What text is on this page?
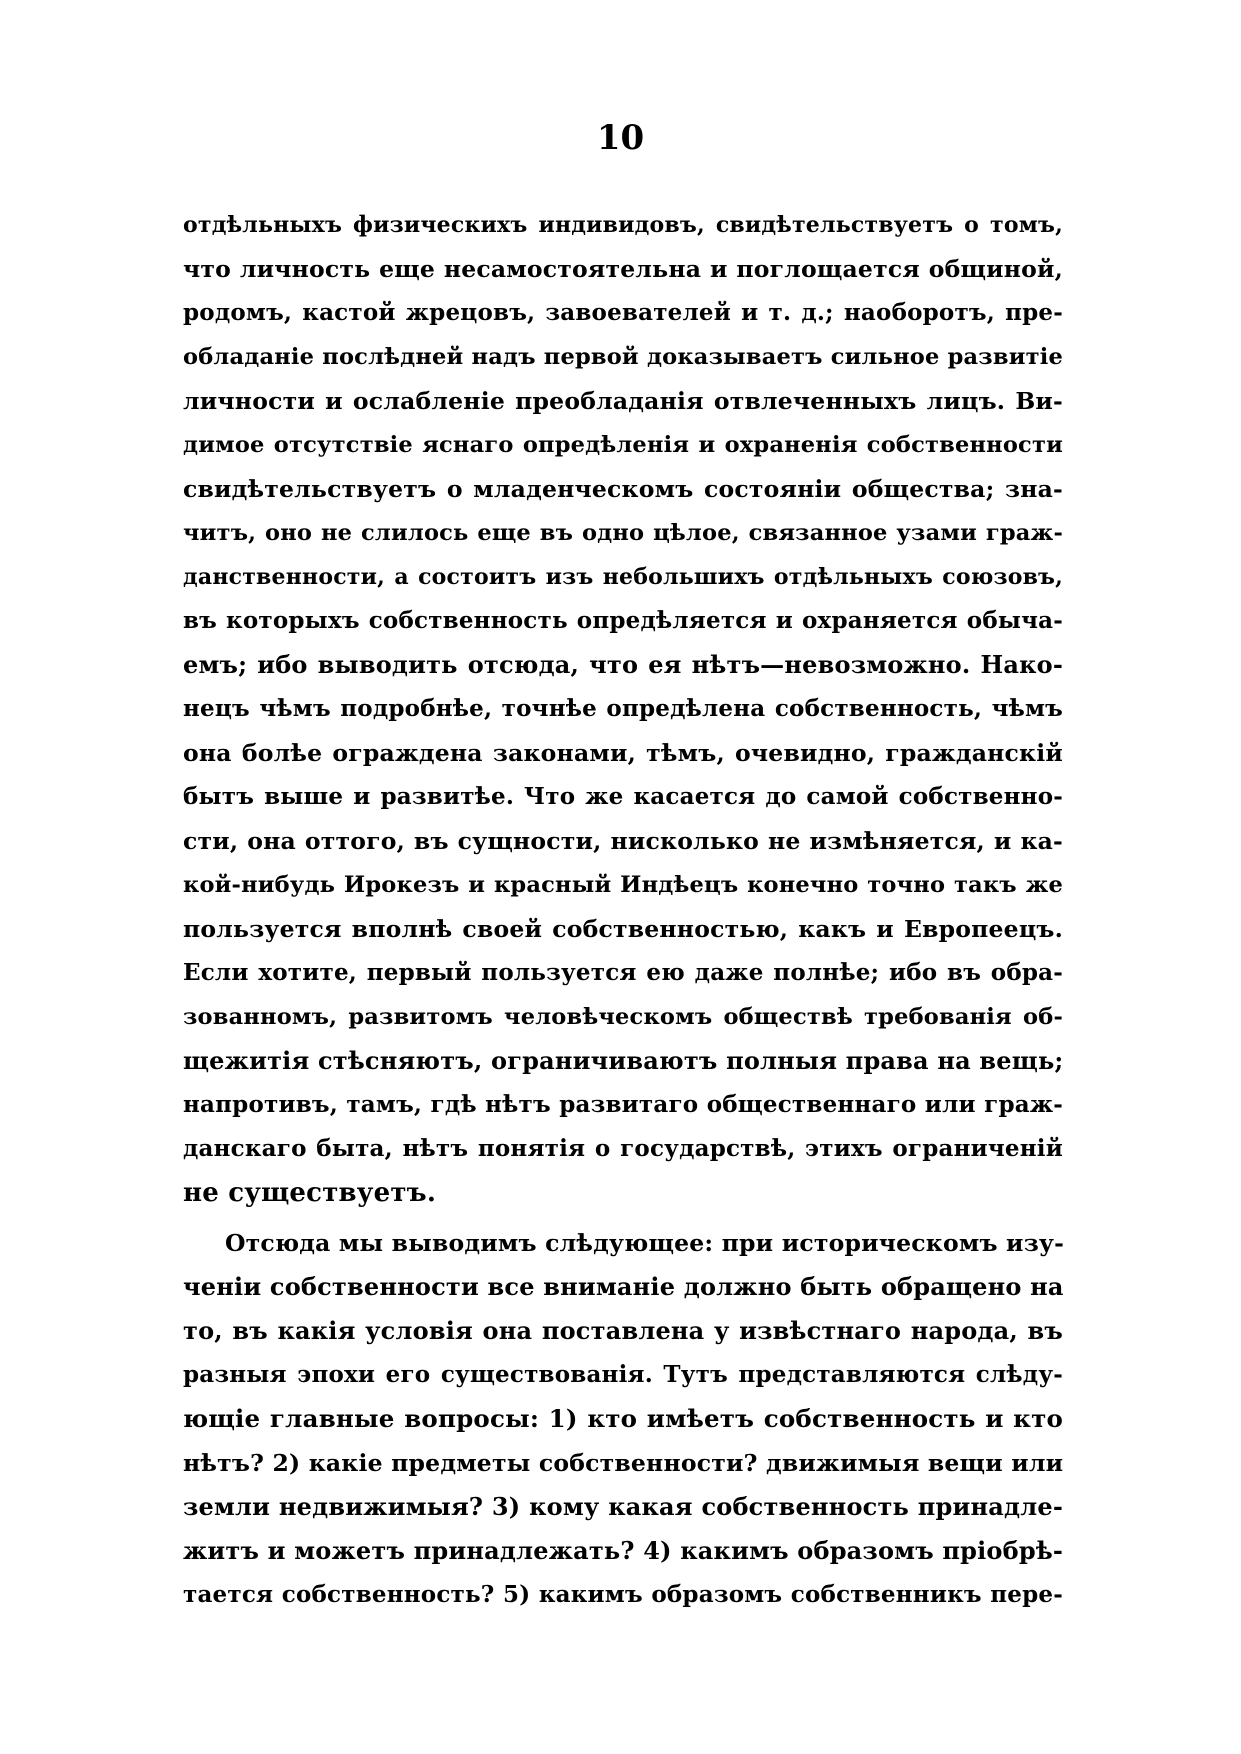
10
отдѣльныхъ физическихъ индивидовъ, свидѣтельствуетъ о томъ,
что личность еще несамостоятельна и поглощается общиной,
родомъ, кастой жрецовъ, завоевателей и т. д.; наоборотъ, пре-
обладаніе послѣдней надъ первой доказываетъ сильное развитіе
личности и ослабленіе преобладанія отвлеченныхъ лицъ. Ви-
димое отсутствіе яснаго опредѣленія и охраненія собственности
свидѣтельствуетъ о младенческомъ состояніи общества; зна-
читъ, оно не слилось еще въ одно цѣлое, связанное узами граж-
данственности, а состоитъ изъ небольшихъ отдѣльныхъ союзовъ,
въ которыхъ собственность опредѣляется и охраняется обыча-
емъ; ибо выводить отсюда, что ея нѣтъ—невозможно. Нако-
нецъ чѣмъ подробнѣе, точнѣе опредѣлена собственность, чѣмъ
она болѣе ограждена законами, тѣмъ, очевидно, гражданскій
бытъ выше и развитѣе. Что же касается до самой собственно-
сти, она оттого, въ сущности, нисколько не измѣняется, и ка-
кой-нибудь Ирокезъ и красный Индѣецъ конечно точно такъ же
пользуется вполнѣ своей собственностью, какъ и Европеецъ.
Если хотите, первый пользуется ею даже полнѣе; ибо въ обра-
зованномъ, развитомъ человѣческомъ обществѣ требованія об-
щежитія стѣсняютъ, ограничиваютъ полныя права на вещь;
напротивъ, тамъ, гдѣ нѣтъ развитаго общественнаго или граж-
данскаго быта, нѣтъ понятія о государствѣ, этихъ ограниченій
не существуетъ.
Отсюда мы выводимъ слѣдующее: при историческомъ изу-
ченіи собственности все вниманіе должно быть обращено на
то, въ какія условія она поставлена у извѣстнаго народа, въ
разныя эпохи его существованія. Тутъ представляются слѣду-
ющіе главные вопросы: 1) кто имѣетъ собственность и кто
нѣтъ? 2) какіе предметы собственности? движимыя вещи или
земли недвижимыя? 3) кому какая собственность принадле-
житъ и можетъ принадлежать? 4) какимъ образомъ пріобрѣ-
тается собственность? 5) какимъ образомъ собственникъ пере-
